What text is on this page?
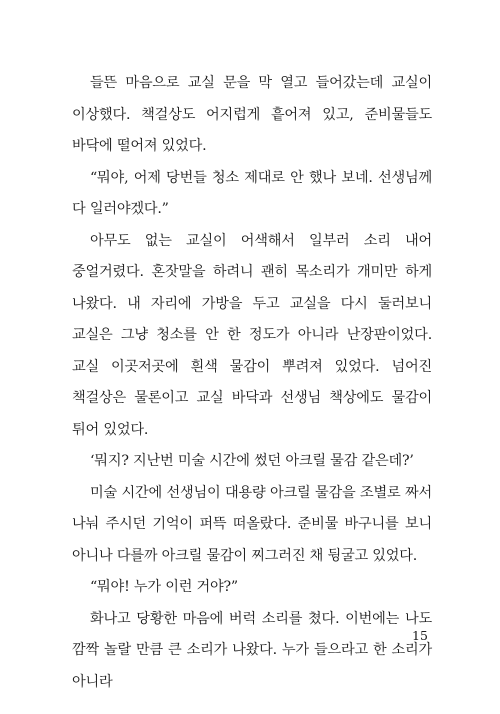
들뜬 마음으로 교실 문을 막 열고 들어갔는데 교실이 이상했다. 책걸상도 어지럽게 흩어져 있고, 준비물들도 바닥에 떨어져 있었다.

“뭐야, 어제 당번들 청소 제대로 안 했나 보네. 선생님께 다 일러야겠다.”

아무도 없는 교실이 어색해서 일부러 소리 내어 중얼거렸다. 혼잣말을 하려니 괜히 목소리가 개미만 하게 나왔다. 내 자리에 가방을 두고 교실을 다시 둘러보니 교실은 그냥 청소를 안 한 정도가 아니라 난장판이었다. 교실 이곳저곳에 흰색 물감이 뿌려져 있었다. 넘어진 책걸상은 물론이고 교실 바닥과 선생님 책상에도 물감이 튀어 있었다.

‘뭐지? 지난번 미술 시간에 썼던 아크릴 물감 같은데?’

미술 시간에 선생님이 대용량 아크릴 물감을 조별로 짜서 나눠 주시던 기억이 퍼뜩 떠올랐다. 준비물 바구니를 보니 아니나 다를까 아크릴 물감이 찌그러진 채 뒹굴고 있었다.

“뭐야! 누가 이런 거야?”

화나고 당황한 마음에 버럭 소리를 쳤다. 이번에는 나도 깜짝 놀랄 만큼 큰 소리가 나왔다. 누가 들으라고 한 소리가 아니라

15
